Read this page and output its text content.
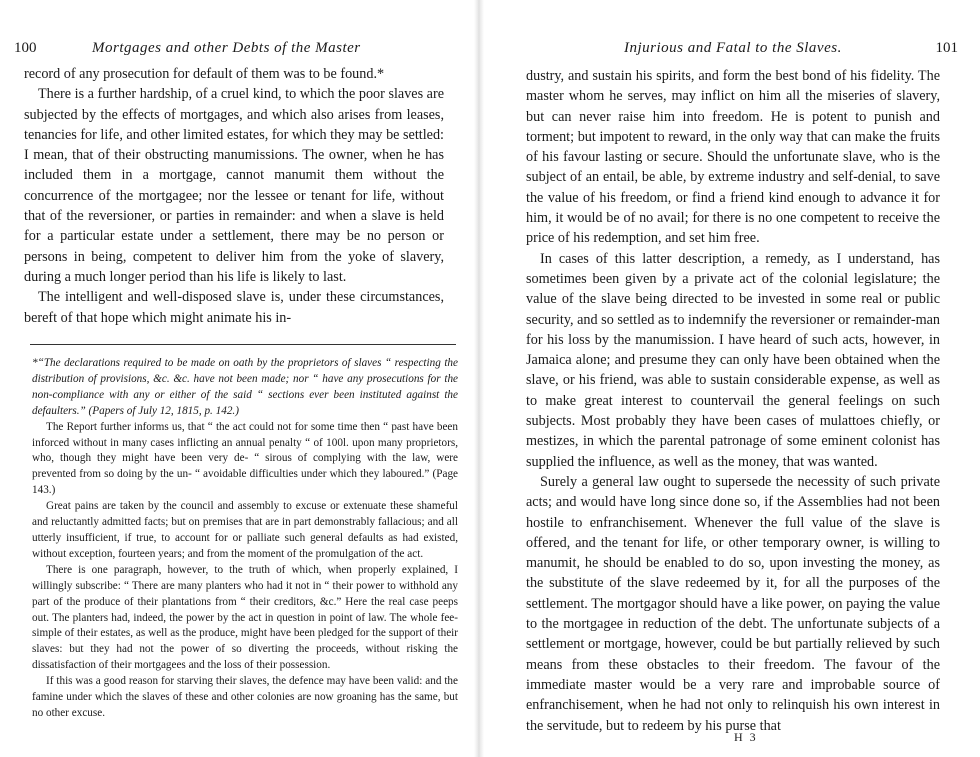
100	Mortgages and other Debts of the Master

record of any prosecution for default of them was to be found.*

There is a further hardship, of a cruel kind, to which the poor slaves are subjected by the effects of mortgages, and which also arises from leases, tenancies for life, and other limited estates, for which they may be settled: I mean, that of their obstructing manumissions. The owner, when he has included them in a mortgage, cannot manumit them without the concurrence of the mortgagee; nor the lessee or tenant for life, without that of the reversioner, or parties in remainder: and when a slave is held for a particular estate under a settlement, there may be no person or persons in being, competent to deliver him from the yoke of slavery, during a much longer period than his life is likely to last.

The intelligent and well-disposed slave is, under these circumstances, bereft of that hope which might animate his in-

*“The declarations required to be made on oath by the proprietors of slaves “ respecting the distribution of provisions, &c. &c. have not been made; nor “ have any prosecutions for the non-compliance with any or either of the said “ sections ever been instituted against the defaulters.” (Papers of July 12, 1815, p. 142.)

The Report further informs us, that “ the act could not for some time then “ past have been inforced without in many cases inflicting an annual penalty “ of 100l. upon many proprietors, who, though they might have been very de- “ sirous of complying with the law, were prevented from so doing by the un- “ avoidable difficulties under which they laboured.” (Page 143.)

Great pains are taken by the council and assembly to excuse or extenuate these shameful and reluctantly admitted facts; but on premises that are in part demonstrably fallacious; and all utterly insufficient, if true, to account for or palliate such general defaults as had existed, without exception, fourteen years; and from the moment of the promulgation of the act.

There is one paragraph, however, to the truth of which, when properly explained, I willingly subscribe: “ There are many planters who had it not in “ their power to withhold any part of the produce of their plantations from “ their creditors, &c.” Here the real case peeps out. The planters had, indeed, the power by the act in question in point of law. The whole fee-simple of their estates, as well as the produce, might have been pledged for the support of their slaves: but they had not the power of so diverting the proceeds, without risking the dissatisfaction of their mortgagees and the loss of their possession.

If this was a good reason for starving their slaves, the defence may have been valid: and the famine under which the slaves of these and other colonies are now groaning has the same, but no other excuse.

Injurious and Fatal to the Slaves.	101

dustry, and sustain his spirits, and form the best bond of his fidelity. The master whom he serves, may inflict on him all the miseries of slavery, but can never raise him into freedom. He is potent to punish and torment; but impotent to reward, in the only way that can make the fruits of his favour lasting or secure. Should the unfortunate slave, who is the subject of an entail, be able, by extreme industry and self-denial, to save the value of his freedom, or find a friend kind enough to advance it for him, it would be of no avail; for there is no one competent to receive the price of his redemption, and set him free.

In cases of this latter description, a remedy, as I understand, has sometimes been given by a private act of the colonial legislature; the value of the slave being directed to be invested in some real or public security, and so settled as to indemnify the reversioner or remainder-man for his loss by the manumission. I have heard of such acts, however, in Jamaica alone; and presume they can only have been obtained when the slave, or his friend, was able to sustain considerable expense, as well as to make great interest to countervail the general feelings on such subjects. Most probably they have been cases of mulattoes chiefly, or mestizes, in which the parental patronage of some eminent colonist has supplied the influence, as well as the money, that was wanted.

Surely a general law ought to supersede the necessity of such private acts; and would have long since done so, if the Assemblies had not been hostile to enfranchisement. Whenever the full value of the slave is offered, and the tenant for life, or other temporary owner, is willing to manumit, he should be enabled to do so, upon investing the money, as the substitute of the slave redeemed by it, for all the purposes of the settlement. The mortgagor should have a like power, on paying the value to the mortgagee in reduction of the debt. The unfortunate subjects of a settlement or mortgage, however, could be but partially relieved by such means from these obstacles to their freedom. The favour of the immediate master would be a very rare and improbable source of enfranchisement, when he had not only to relinquish his own interest in the servitude, but to redeem by his purse that

H 3
